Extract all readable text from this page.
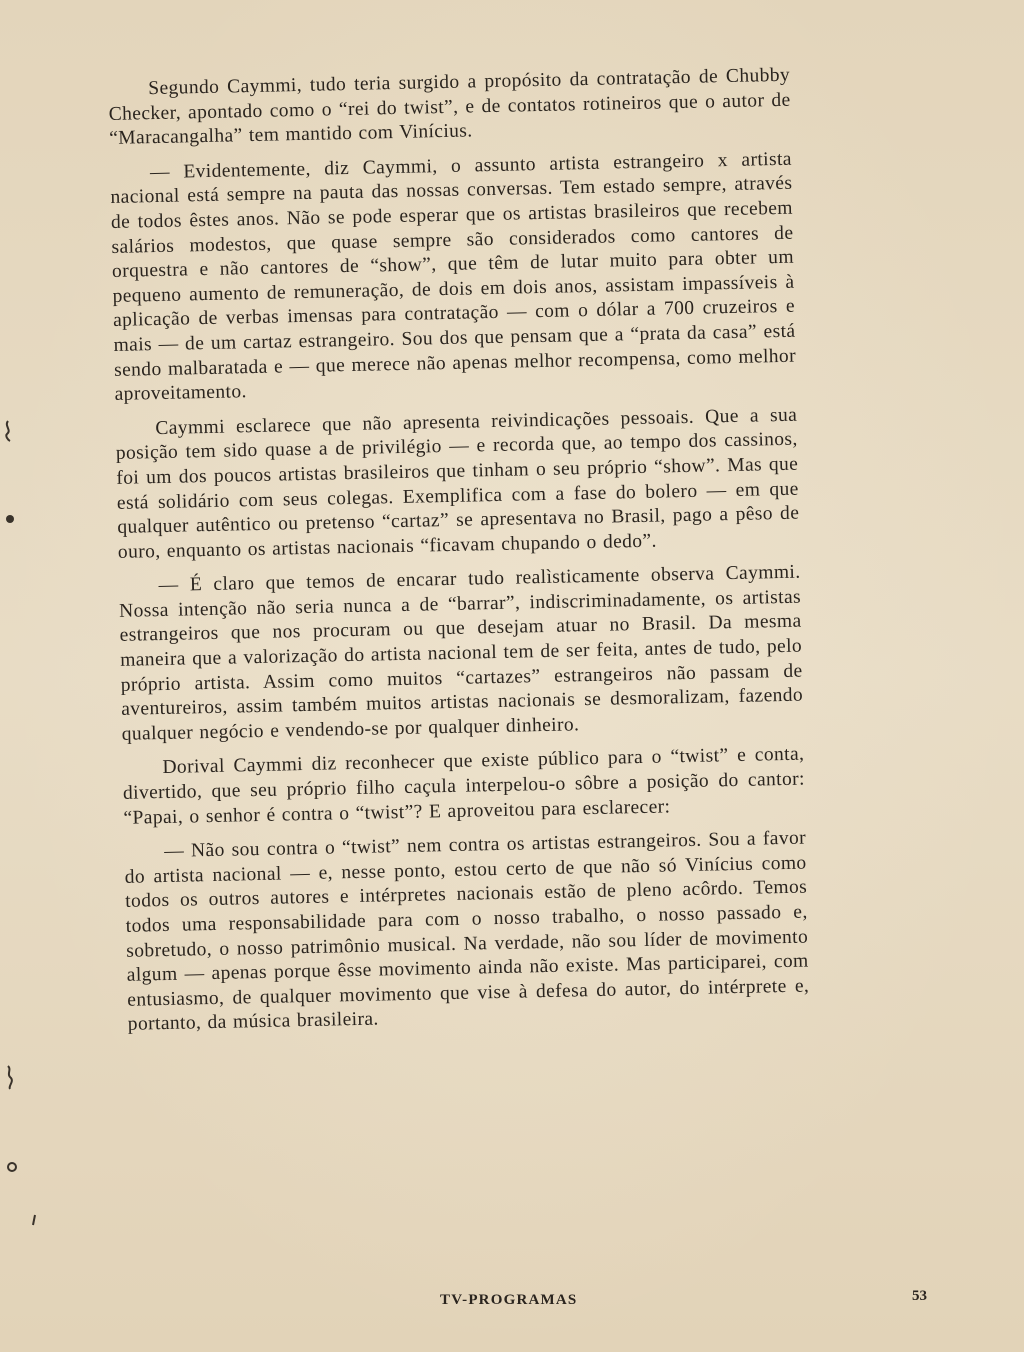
Segundo Caymmi, tudo teria surgido a propósito da contratação de Chubby Checker, apontado como o “rei do twist”, e de contatos rotineiros que o autor de “Maracangalha” tem mantido com Vinícius.

— Evidentemente, diz Caymmi, o assunto artista estrangeiro x artista nacional está sempre na pauta das nossas conversas. Tem estado sempre, através de todos êstes anos. Não se pode esperar que os artistas brasileiros que recebem salários modestos, que quase sempre são considerados como cantores de orquestra e não cantores de “show”, que têm de lutar muito para obter um pequeno aumento de remuneração, de dois em dois anos, assistam impassíveis à aplicação de verbas imensas para contratação — com o dólar a 700 cruzeiros e mais — de um cartaz estrangeiro. Sou dos que pensam que a “prata da casa” está sendo malbaratada e — que merece não apenas melhor recompensa, como melhor aproveitamento.

Caymmi esclarece que não apresenta reivindicações pessoais. Que a sua posição tem sido quase a de privilégio — e recorda que, ao tempo dos cassinos, foi um dos poucos artistas brasileiros que tinham o seu próprio “show”. Mas que está solidário com seus colegas. Exemplifica com a fase do bolero — em que qualquer autêntico ou pretenso “cartaz” se apresentava no Brasil, pago a pêso de ouro, enquanto os artistas nacionais “ficavam chupando o dedo”.

— É claro que temos de encarar tudo realìsticamente observa Caymmi. Nossa intenção não seria nunca a de “barrar”, indiscriminadamente, os artistas estrangeiros que nos procuram ou que desejam atuar no Brasil. Da mesma maneira que a valorização do artista nacional tem de ser feita, antes de tudo, pelo próprio artista. Assim como muitos “cartazes” estrangeiros não passam de aventureiros, assim também muitos artistas nacionais se desmoralizam, fazendo qualquer negócio e vendendo-se por qualquer dinheiro.

Dorival Caymmi diz reconhecer que existe público para o “twist” e conta, divertido, que seu próprio filho caçula interpelou-o sôbre a posição do cantor: “Papai, o senhor é contra o “twist”? E aproveitou para esclarecer:

— Não sou contra o “twist” nem contra os artistas estrangeiros. Sou a favor do artista nacional — e, nesse ponto, estou certo de que não só Vinícius como todos os outros autores e intérpretes nacionais estão de pleno acôrdo. Temos todos uma responsabilidade para com o nosso trabalho, o nosso passado e, sobretudo, o nosso patrimônio musical. Na verdade, não sou líder de movimento algum — apenas porque êsse movimento ainda não existe. Mas participarei, com entusiasmo, de qualquer movimento que vise à defesa do autor, do intérprete e, portanto, da música brasileira.

TV-PROGRAMAS	53
